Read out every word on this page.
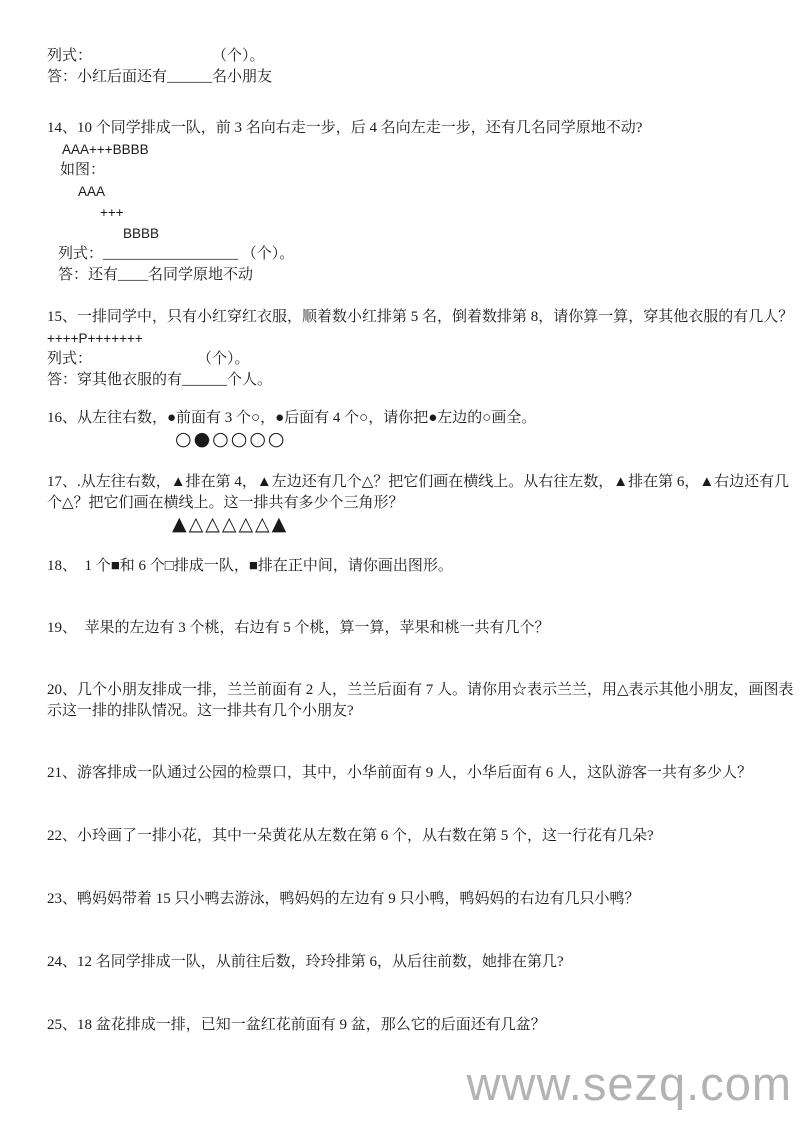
列式：　　　　　　　　　（个）。
答：小红后面还有______名小朋友
14、10 个同学排成一队，前 3 名向右走一步，后 4 名向左走一步，还有几名同学原地不动?
AAA+++BBBB
如图：
AAA
+++
BBBB
列式：__________________ （个）。
答：还有____名同学原地不动
15、一排同学中，只有小红穿红衣服，顺着数小红排第 5 名，倒着数排第 8，请你算一算，穿其他衣服的有几人？
++++P+++++++
列式：　　　　　　　　（个）。
答：穿其他衣服的有______个人。
16、从左往右数，●前面有 3 个○，●后面有 4 个○，请你把●左边的○画全。
○●○○○○
17、.从左往右数，▲排在第 4，▲左边还有几个△？把它们画在横线上。从右往左数，▲排在第 6，▲右边还有几
个△？把它们画在横线上。这一排共有多少个三角形？
▲△△△△△▲
18、　1 个■和 6 个□排成一队，■排在正中间，请你画出图形。
19、　苹果的左边有 3 个桃，右边有 5 个桃，算一算，苹果和桃一共有几个？
20、几个小朋友排成一排，兰兰前面有 2 人，兰兰后面有 7 人。请你用☆表示兰兰，用△表示其他小朋友，画图表
示这一排的排队情况。这一排共有几个小朋友?
21、游客排成一队通过公园的检票口，其中，小华前面有 9 人，小华后面有 6 人，这队游客一共有多少人？
22、小玲画了一排小花，其中一朵黄花从左数在第 6 个，从右数在第 5 个，这一行花有几朵?
23、鸭妈妈带着 15 只小鸭去游泳，鸭妈妈的左边有 9 只小鸭，鸭妈妈的右边有几只小鸭？
24、12 名同学排成一队，从前往后数，玲玲排第 6，从后往前数，她排在第几?
25、18 盆花排成一排，已知一盆红花前面有 9 盆，那么它的后面还有几盆？
www.sezq.com
